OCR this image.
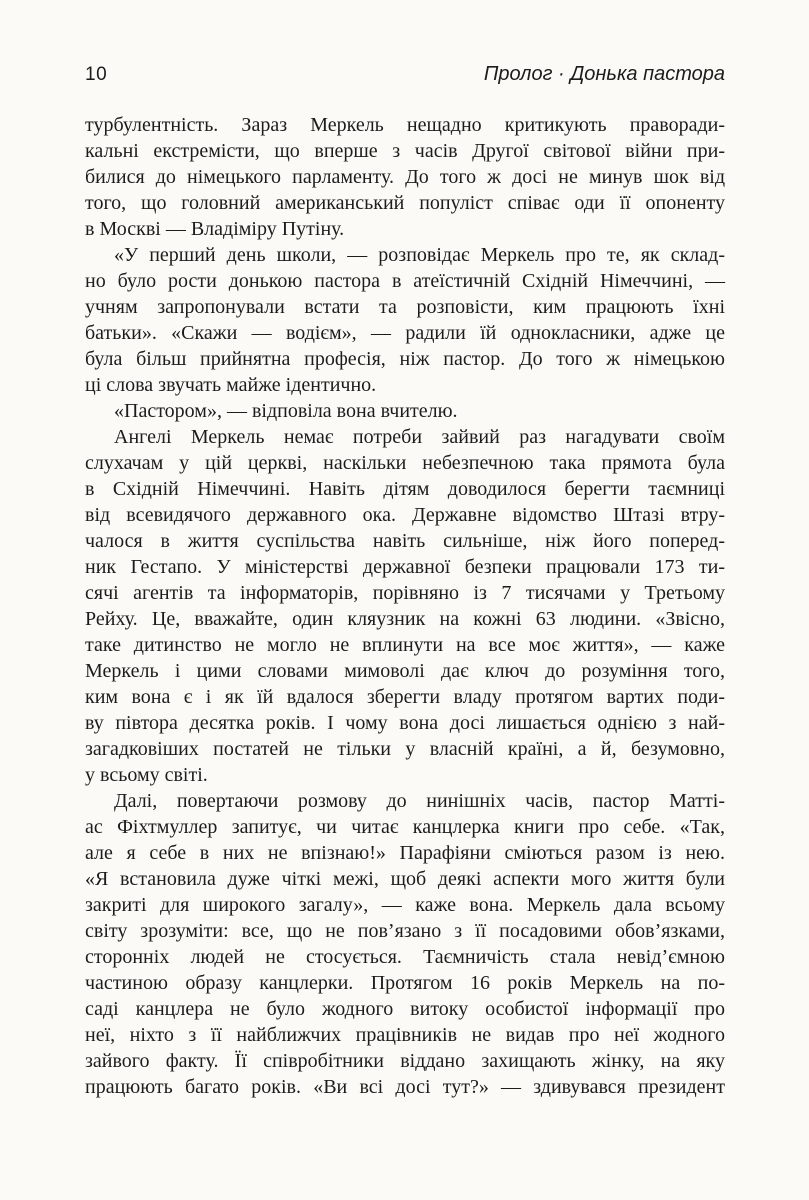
10	Пролог · Донька пастора
турбулентність. Зараз Меркель нещадно критикують праворади-
кальні екстремісти, що вперше з часів Другої світової війни при-
билися до німецького парламенту. До того ж досі не минув шок від
того, що головний американський популіст співає оди її опоненту
в Москві — Владіміру Путіну.
«У перший день школи, — розповідає Меркель про те, як склад-
но було рости донькою пастора в атеїстичній Східній Німеччині, —
учням запропонували встати та розповісти, ким працюють їхні
батьки». «Скажи — водієм», — радили їй однокласники, адже це
була більш прийнятна професія, ніж пастор. До того ж німецькою
ці слова звучать майже ідентично.
«Пастором», — відповіла вона вчителю.
Ангелі Меркель немає потреби зайвий раз нагадувати своїм
слухачам у цій церкві, наскільки небезпечною така прямота була
в Східній Німеччині. Навіть дітям доводилося берегти таємниці
від всевидячого державного ока. Державне відомство Штазі втру-
чалося в життя суспільства навіть сильніше, ніж його поперед-
ник Гестапо. У міністерстві державної безпеки працювали 173 ти-
сячі агентів та інформаторів, порівняно із 7 тисячами у Третьому
Рейху. Це, вважайте, один кляузник на кожні 63 людини. «Звісно,
таке дитинство не могло не вплинути на все моє життя», — каже
Меркель і цими словами мимоволі дає ключ до розуміння того,
ким вона є і як їй вдалося зберегти владу протягом вартих поди-
ву півтора десятка років. І чому вона досі лишається однією з най-
загадковіших постатей не тільки у власній країні, а й, безумовно,
у всьому світі.
Далі, повертаючи розмову до нинішніх часів, пастор Матті-
ас Фіхтмуллер запитує, чи читає канцлерка книги про себе. «Так,
але я себе в них не впізнаю!» Парафіяни сміються разом із нею.
«Я встановила дуже чіткі межі, щоб деякі аспекти мого життя були
закриті для широкого загалу», — каже вона. Меркель дала всьому
світу зрозуміти: все, що не пов’язано з її посадовими обов’язками,
сторонніх людей не стосується. Таємничість стала невід’ємною
частиною образу канцлерки. Протягом 16 років Меркель на по-
саді канцлера не було жодного витоку особистої інформації про
неї, ніхто з її найближчих працівників не видав про неї жодного
зайвого факту. Її співробітники віддано захищають жінку, на яку
працюють багато років. «Ви всі досі тут?» — здивувався президент
